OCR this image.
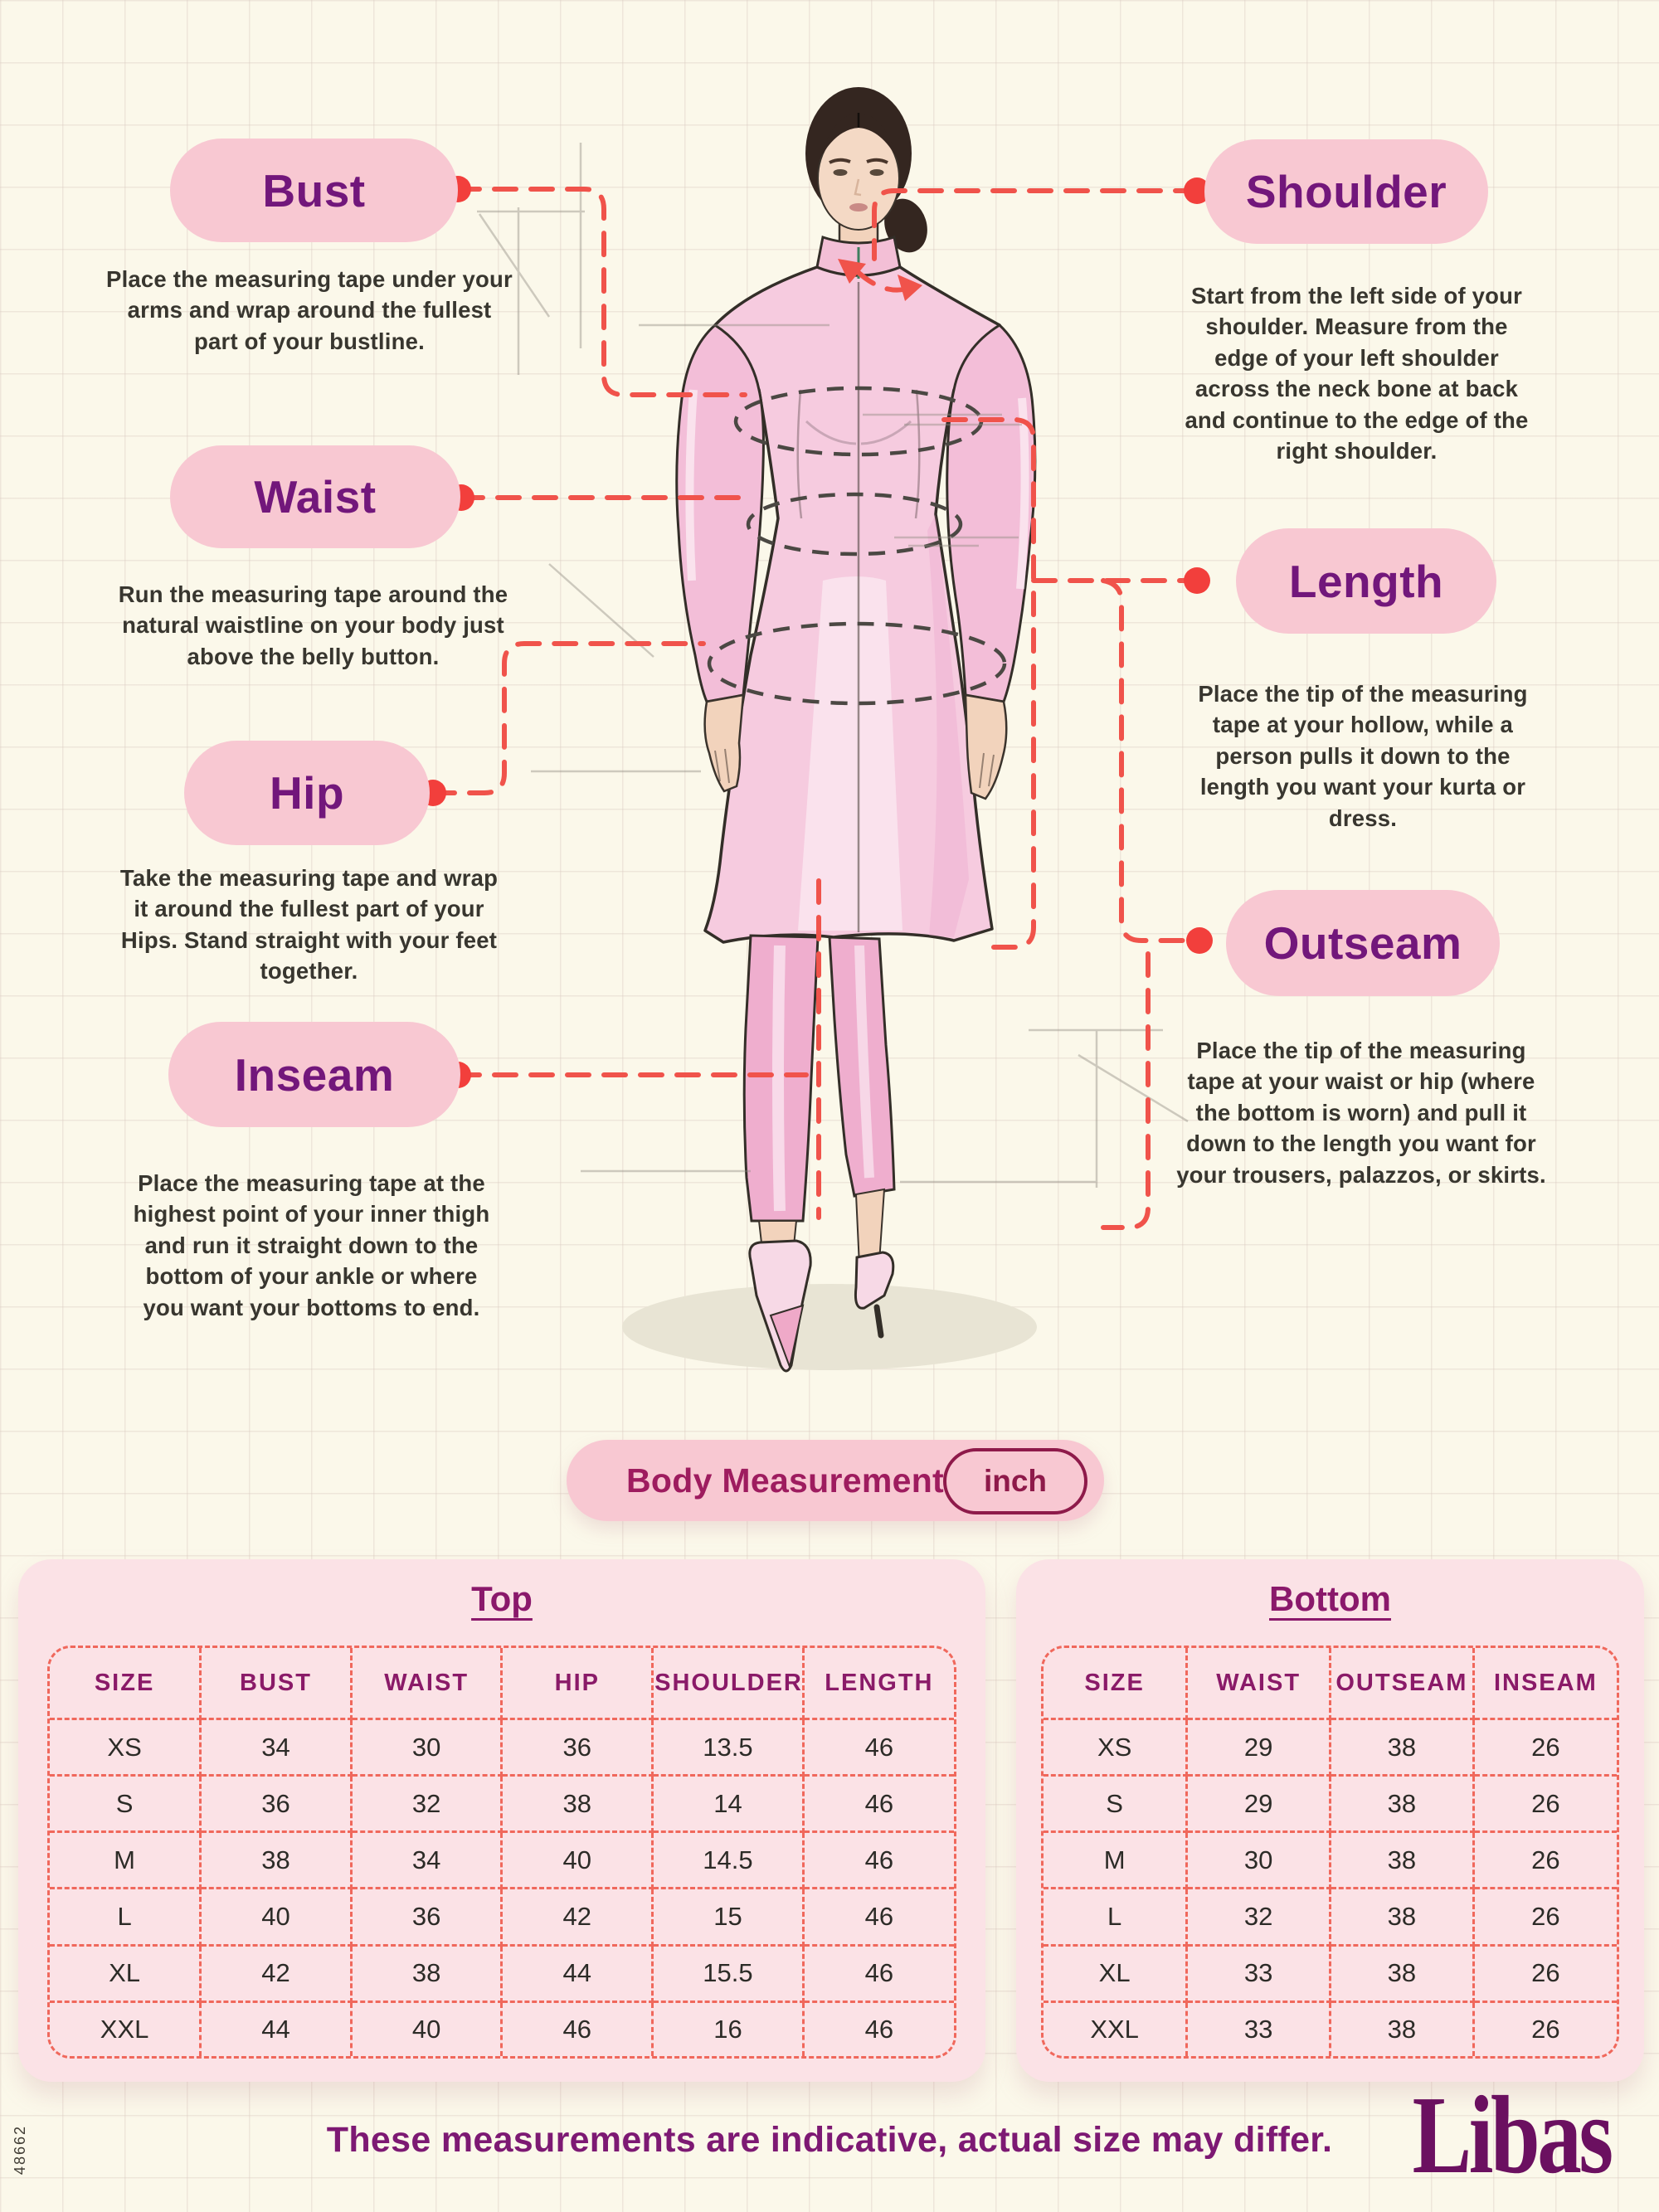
Bust

Place the measuring tape under your arms and wrap around the fullest part of your bustline.

Waist

Run the measuring tape around the natural waistline on your body just above the belly button.

Hip

Take the measuring tape and wrap it around the fullest part of your Hips. Stand straight with your feet together.

Inseam

Place the measuring tape at the highest point of your inner thigh and run it straight down to the bottom of your ankle or where you want your bottoms to end.

Shoulder

Start from the left side of your shoulder. Measure from the edge of your left shoulder across the neck bone at back and continue to the edge of the right shoulder.

Length

Place the tip of the measuring tape at your hollow, while a person pulls it down to the length you want your kurta or dress.

Outseam

Place the tip of the measuring tape at your waist or hip (where the bottom is worn) and pull it down to the length you want for your trousers, palazzos, or skirts.

Body Measurement	inch
Top
SIZE	BUST	WAIST	HIP	SHOULDER	LENGTH
XS	34	30	36	13.5	46
S	36	32	38	14	46
M	38	34	40	14.5	46
L	40	36	42	15	46
XL	42	38	44	15.5	46
XXL	44	40	46	16	46
Bottom
SIZE	WAIST	OUTSEAM	INSEAM
XS	29	38	26
S	29	38	26
M	30	38	26
L	32	38	26
XL	33	38	26
XXL	33	38	26
These measurements are indicative, actual size may differ. Libas
48662
